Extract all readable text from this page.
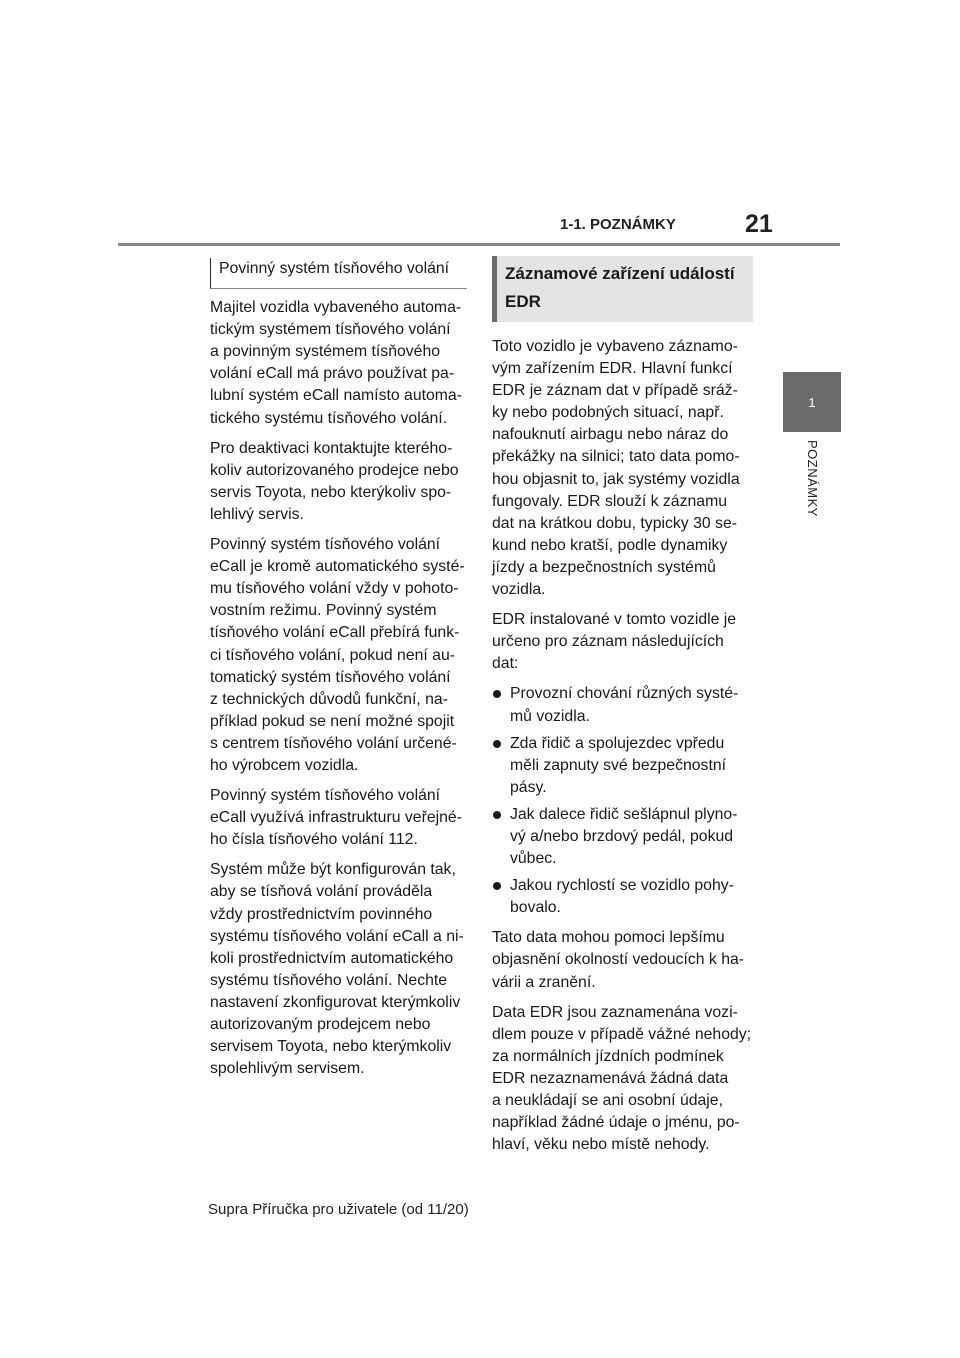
1-1. POZNÁMKY	21
1
POZNÁMKY
Povinný systém tísňového volání

Majitel vozidla vybaveného automa-
tickým systémem tísňového volání
a povinným systémem tísňového
volání eCall má právo používat pa-
lubní systém eCall namísto automa-
tického systému tísňového volání.

Pro deaktivaci kontaktujte kterého-
koliv autorizovaného prodejce nebo
servis Toyota, nebo kterýkoliv spo-
lehlivý servis.

Povinný systém tísňového volání
eCall je kromě automatického systé-
mu tísňového volání vždy v pohoto-
vostním režimu. Povinný systém
tísňového volání eCall přebírá funk-
ci tísňového volání, pokud není au-
tomatický systém tísňového volání
z technických důvodů funkční, na-
příklad pokud se není možné spojit
s centrem tísňového volání určené-
ho výrobcem vozidla.

Povinný systém tísňového volání
eCall využívá infrastrukturu veřejné-
ho čísla tísňového volání 112.

Systém může být konfigurován tak,
aby se tísňová volání prováděla
vždy prostřednictvím povinného
systému tísňového volání eCall a ni-
koli prostřednictvím automatického
systému tísňového volání. Nechte
nastavení zkonfigurovat kterýmkoliv
autorizovaným prodejcem nebo
servisem Toyota, nebo kterýmkoliv
spolehlivým servisem.

Záznamové zařízení událostí EDR

Toto vozidlo je vybaveno záznamo-
vým zařízením EDR. Hlavní funkcí
EDR je záznam dat v případě sráž-
ky nebo podobných situací, např.
nafouknutí airbagu nebo náraz do
překážky na silnici; tato data pomo-
hou objasnit to, jak systémy vozidla
fungovaly. EDR slouží k záznamu
dat na krátkou dobu, typicky 30 se-
kund nebo kratší, podle dynamiky
jízdy a bezpečnostních systémů
vozidla.

EDR instalované v tomto vozidle je
určeno pro záznam následujících
dat:

Provozní chování různých systé-
mů vozidla.
Zda řidič a spolujezdec vpředu
měli zapnuty své bezpečnostní
pásy.
Jak dalece řidič sešlápnul plyno-
vý a/nebo brzdový pedál, pokud
vůbec.
Jakou rychlostí se vozidlo pohy-
bovalo.

Tato data mohou pomoci lepšímu
objasnění okolností vedoucích k ha-
várii a zranění.

Data EDR jsou zaznamenána vozi-
dlem pouze v případě vážné nehody;
za normálních jízdních podmínek
EDR nezaznamenává žádná data
a neukládají se ani osobní údaje,
například žádné údaje o jménu, po-
hlaví, věku nebo místě nehody.

Supra Příručka pro uživatele (od 11/20)
